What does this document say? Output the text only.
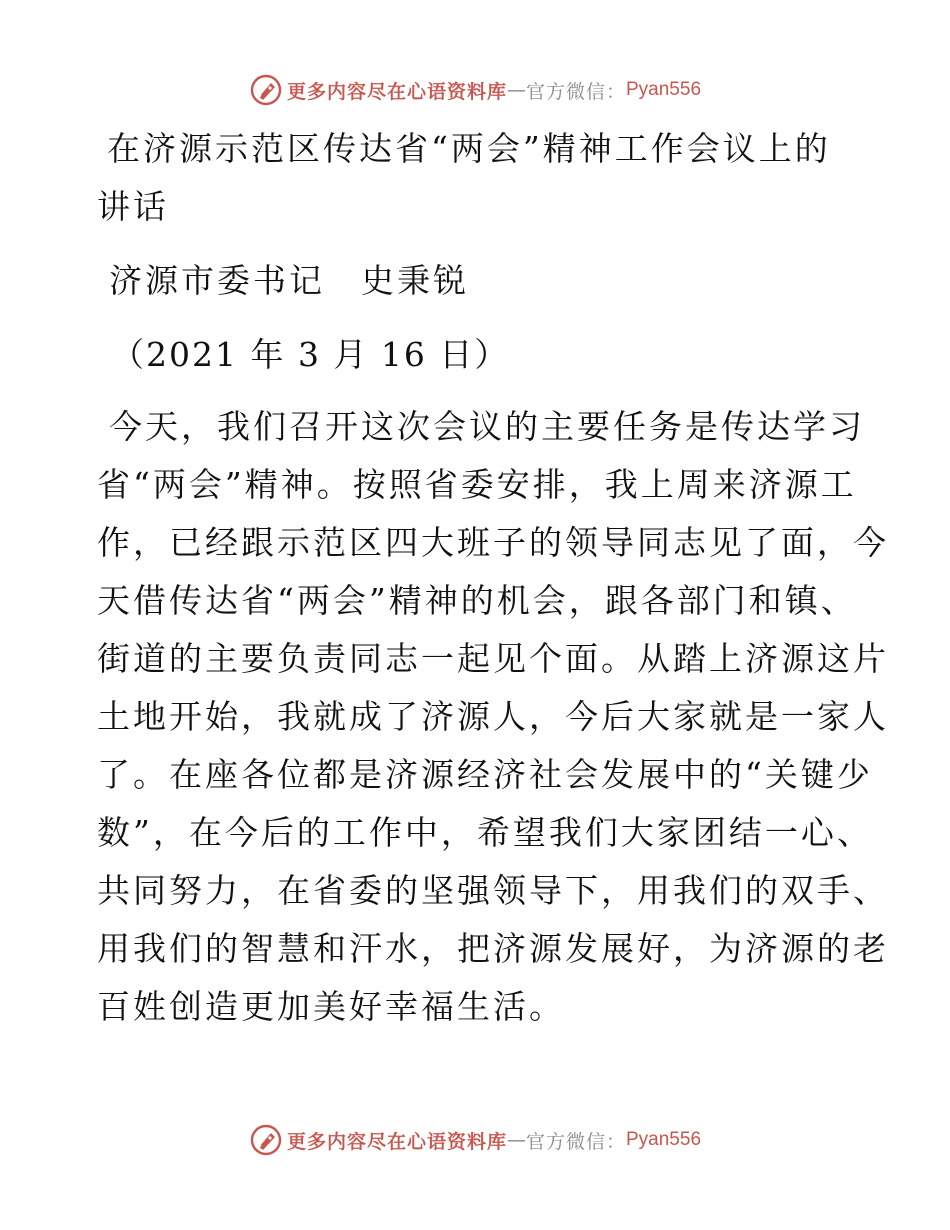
更多内容尽在心语资料库 — 官方微信： Pyan556
在济源示范区传达省“两会”精神工作会议上的
讲话
济源市委书记　史秉锐
（2021 年 3 月 16 日）
今天，我们召开这次会议的主要任务是传达学习
省“两会”精神。按照省委安排，我上周来济源工
作，已经跟示范区四大班子的领导同志见了面，今
天借传达省“两会”精神的机会，跟各部门和镇、
街道的主要负责同志一起见个面。从踏上济源这片
土地开始，我就成了济源人，今后大家就是一家人
了。在座各位都是济源经济社会发展中的“关键少
数”，在今后的工作中，希望我们大家团结一心、
共同努力，在省委的坚强领导下，用我们的双手、
用我们的智慧和汗水，把济源发展好，为济源的老
百姓创造更加美好幸福生活。
更多内容尽在心语资料库 — 官方微信： Pyan556
